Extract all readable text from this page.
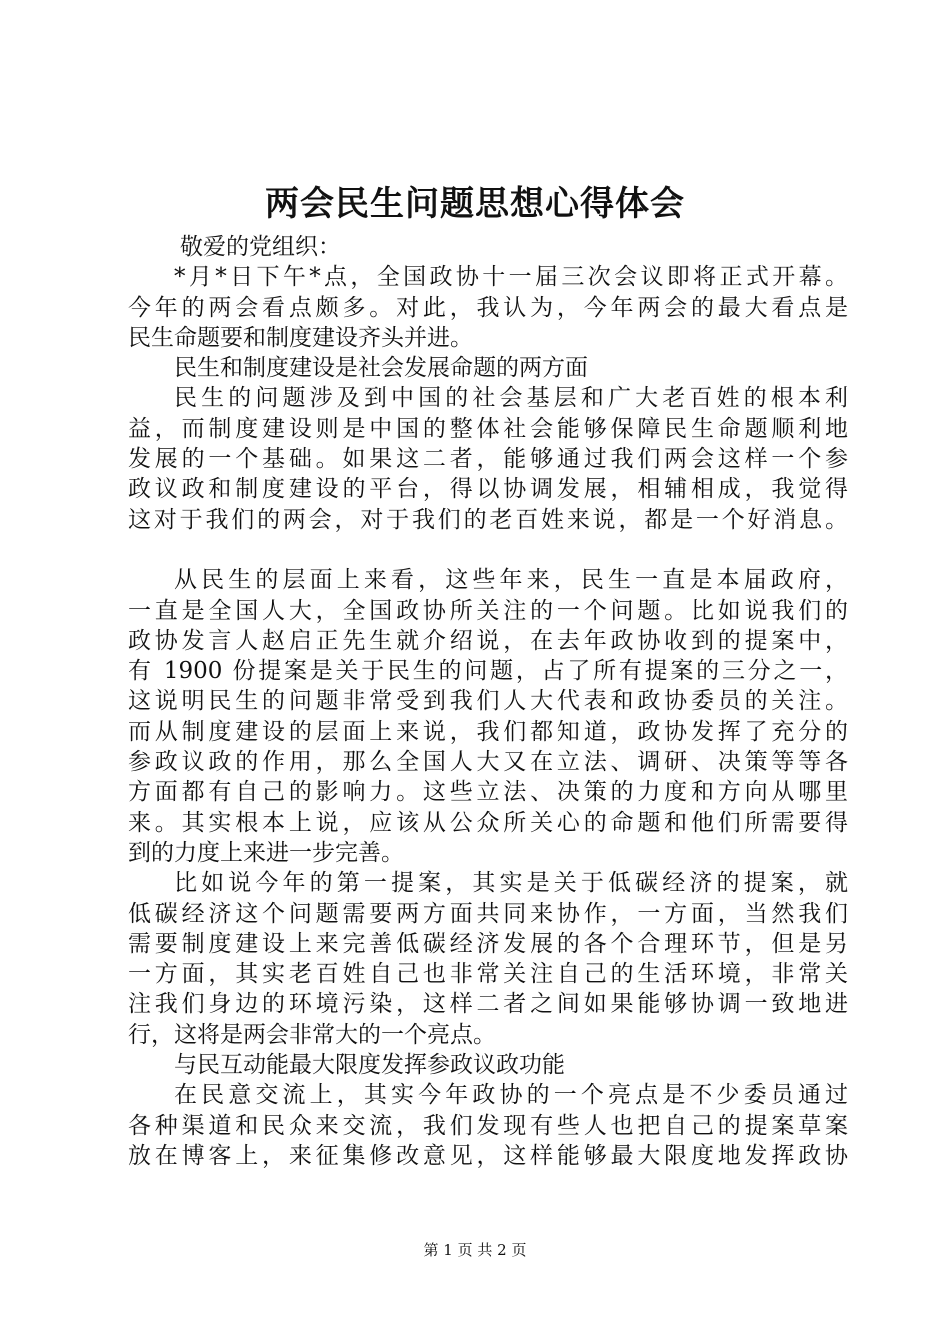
两会民生问题思想心得体会
敬爱的党组织：
*月*日下午*点，全国政协十一届三次会议即将正式开幕。
今年的两会看点颇多。对此，我认为，今年两会的最大看点是
民生命题要和制度建设齐头并进。
民生和制度建设是社会发展命题的两方面
民生的问题涉及到中国的社会基层和广大老百姓的根本利
益，而制度建设则是中国的整体社会能够保障民生命题顺利地
发展的一个基础。如果这二者，能够通过我们两会这样一个参
政议政和制度建设的平台，得以协调发展，相辅相成，我觉得
这对于我们的两会，对于我们的老百姓来说，都是一个好消息。
从民生的层面上来看，这些年来，民生一直是本届政府，
一直是全国人大，全国政协所关注的一个问题。比如说我们的
政协发言人赵启正先生就介绍说，在去年政协收到的提案中，
有 1900 份提案是关于民生的问题，占了所有提案的三分之一，
这说明民生的问题非常受到我们人大代表和政协委员的关注。
而从制度建设的层面上来说，我们都知道，政协发挥了充分的
参政议政的作用，那么全国人大又在立法、调研、决策等等各
方面都有自己的影响力。这些立法、决策的力度和方向从哪里
来。其实根本上说，应该从公众所关心的命题和他们所需要得
到的力度上来进一步完善。
比如说今年的第一提案，其实是关于低碳经济的提案，就
低碳经济这个问题需要两方面共同来协作，一方面，当然我们
需要制度建设上来完善低碳经济发展的各个合理环节，但是另
一方面，其实老百姓自己也非常关注自己的生活环境，非常关
注我们身边的环境污染，这样二者之间如果能够协调一致地进
行，这将是两会非常大的一个亮点。
与民互动能最大限度发挥参政议政功能
在民意交流上，其实今年政协的一个亮点是不少委员通过
各种渠道和民众来交流，我们发现有些人也把自己的提案草案
放在博客上，来征集修改意见，这样能够最大限度地发挥政协
第 1 页 共 2 页
